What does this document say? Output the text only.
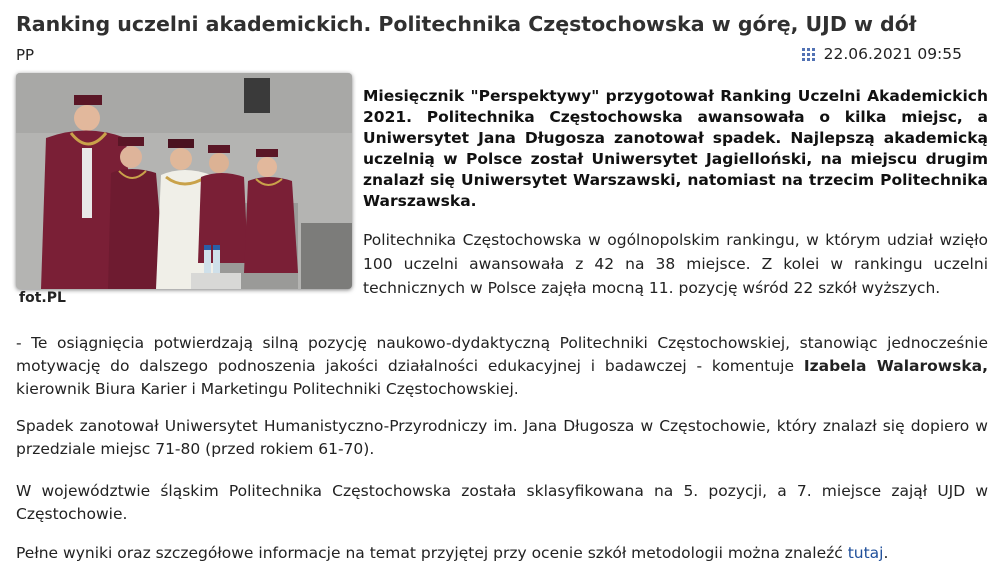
Ranking uczelni akademickich. Politechnika Częstochowska w górę, UJD w dół
PP	22.06.2021 09:55
fot.PL

Miesięcznik "Perspektywy" przygotował Ranking Uczelni Akademickich 2021. Politechnika Częstochowska awansowała o kilka miejsc, a Uniwersytet Jana Długosza zanotował spadek. Najlepszą akademicką uczelnią w Polsce został Uniwersytet Jagielloński, na miejscu drugim znalazł się Uniwersytet Warszawski, natomiast na trzecim Politechnika Warszawska.

Politechnika Częstochowska w ogólnopolskim rankingu, w którym udział wzięło 100 uczelni awansowała z 42 na 38 miejsce. Z kolei w rankingu uczelni technicznych w Polsce zajęła mocną 11. pozycję wśród 22 szkół wyższych.

- Te osiągnięcia potwierdzają silną pozycję naukowo-dydaktyczną Politechniki Częstochowskiej, stanowiąc jednocześnie motywację do dalszego podnoszenia jakości działalności edukacyjnej i badawczej - komentuje Izabela Walarowska, kierownik Biura Karier i Marketingu Politechniki Częstochowskiej.

Spadek zanotował Uniwersytet Humanistyczno-Przyrodniczy im. Jana Długosza w Częstochowie, który znalazł się dopiero w przedziale miejsc 71-80 (przed rokiem 61-70).

W województwie śląskim Politechnika Częstochowska została sklasyfikowana na 5. pozycji, a 7. miejsce zajął UJD w Częstochowie.

Pełne wyniki oraz szczegółowe informacje na temat przyjętej przy ocenie szkół metodologii można znaleźć tutaj.
